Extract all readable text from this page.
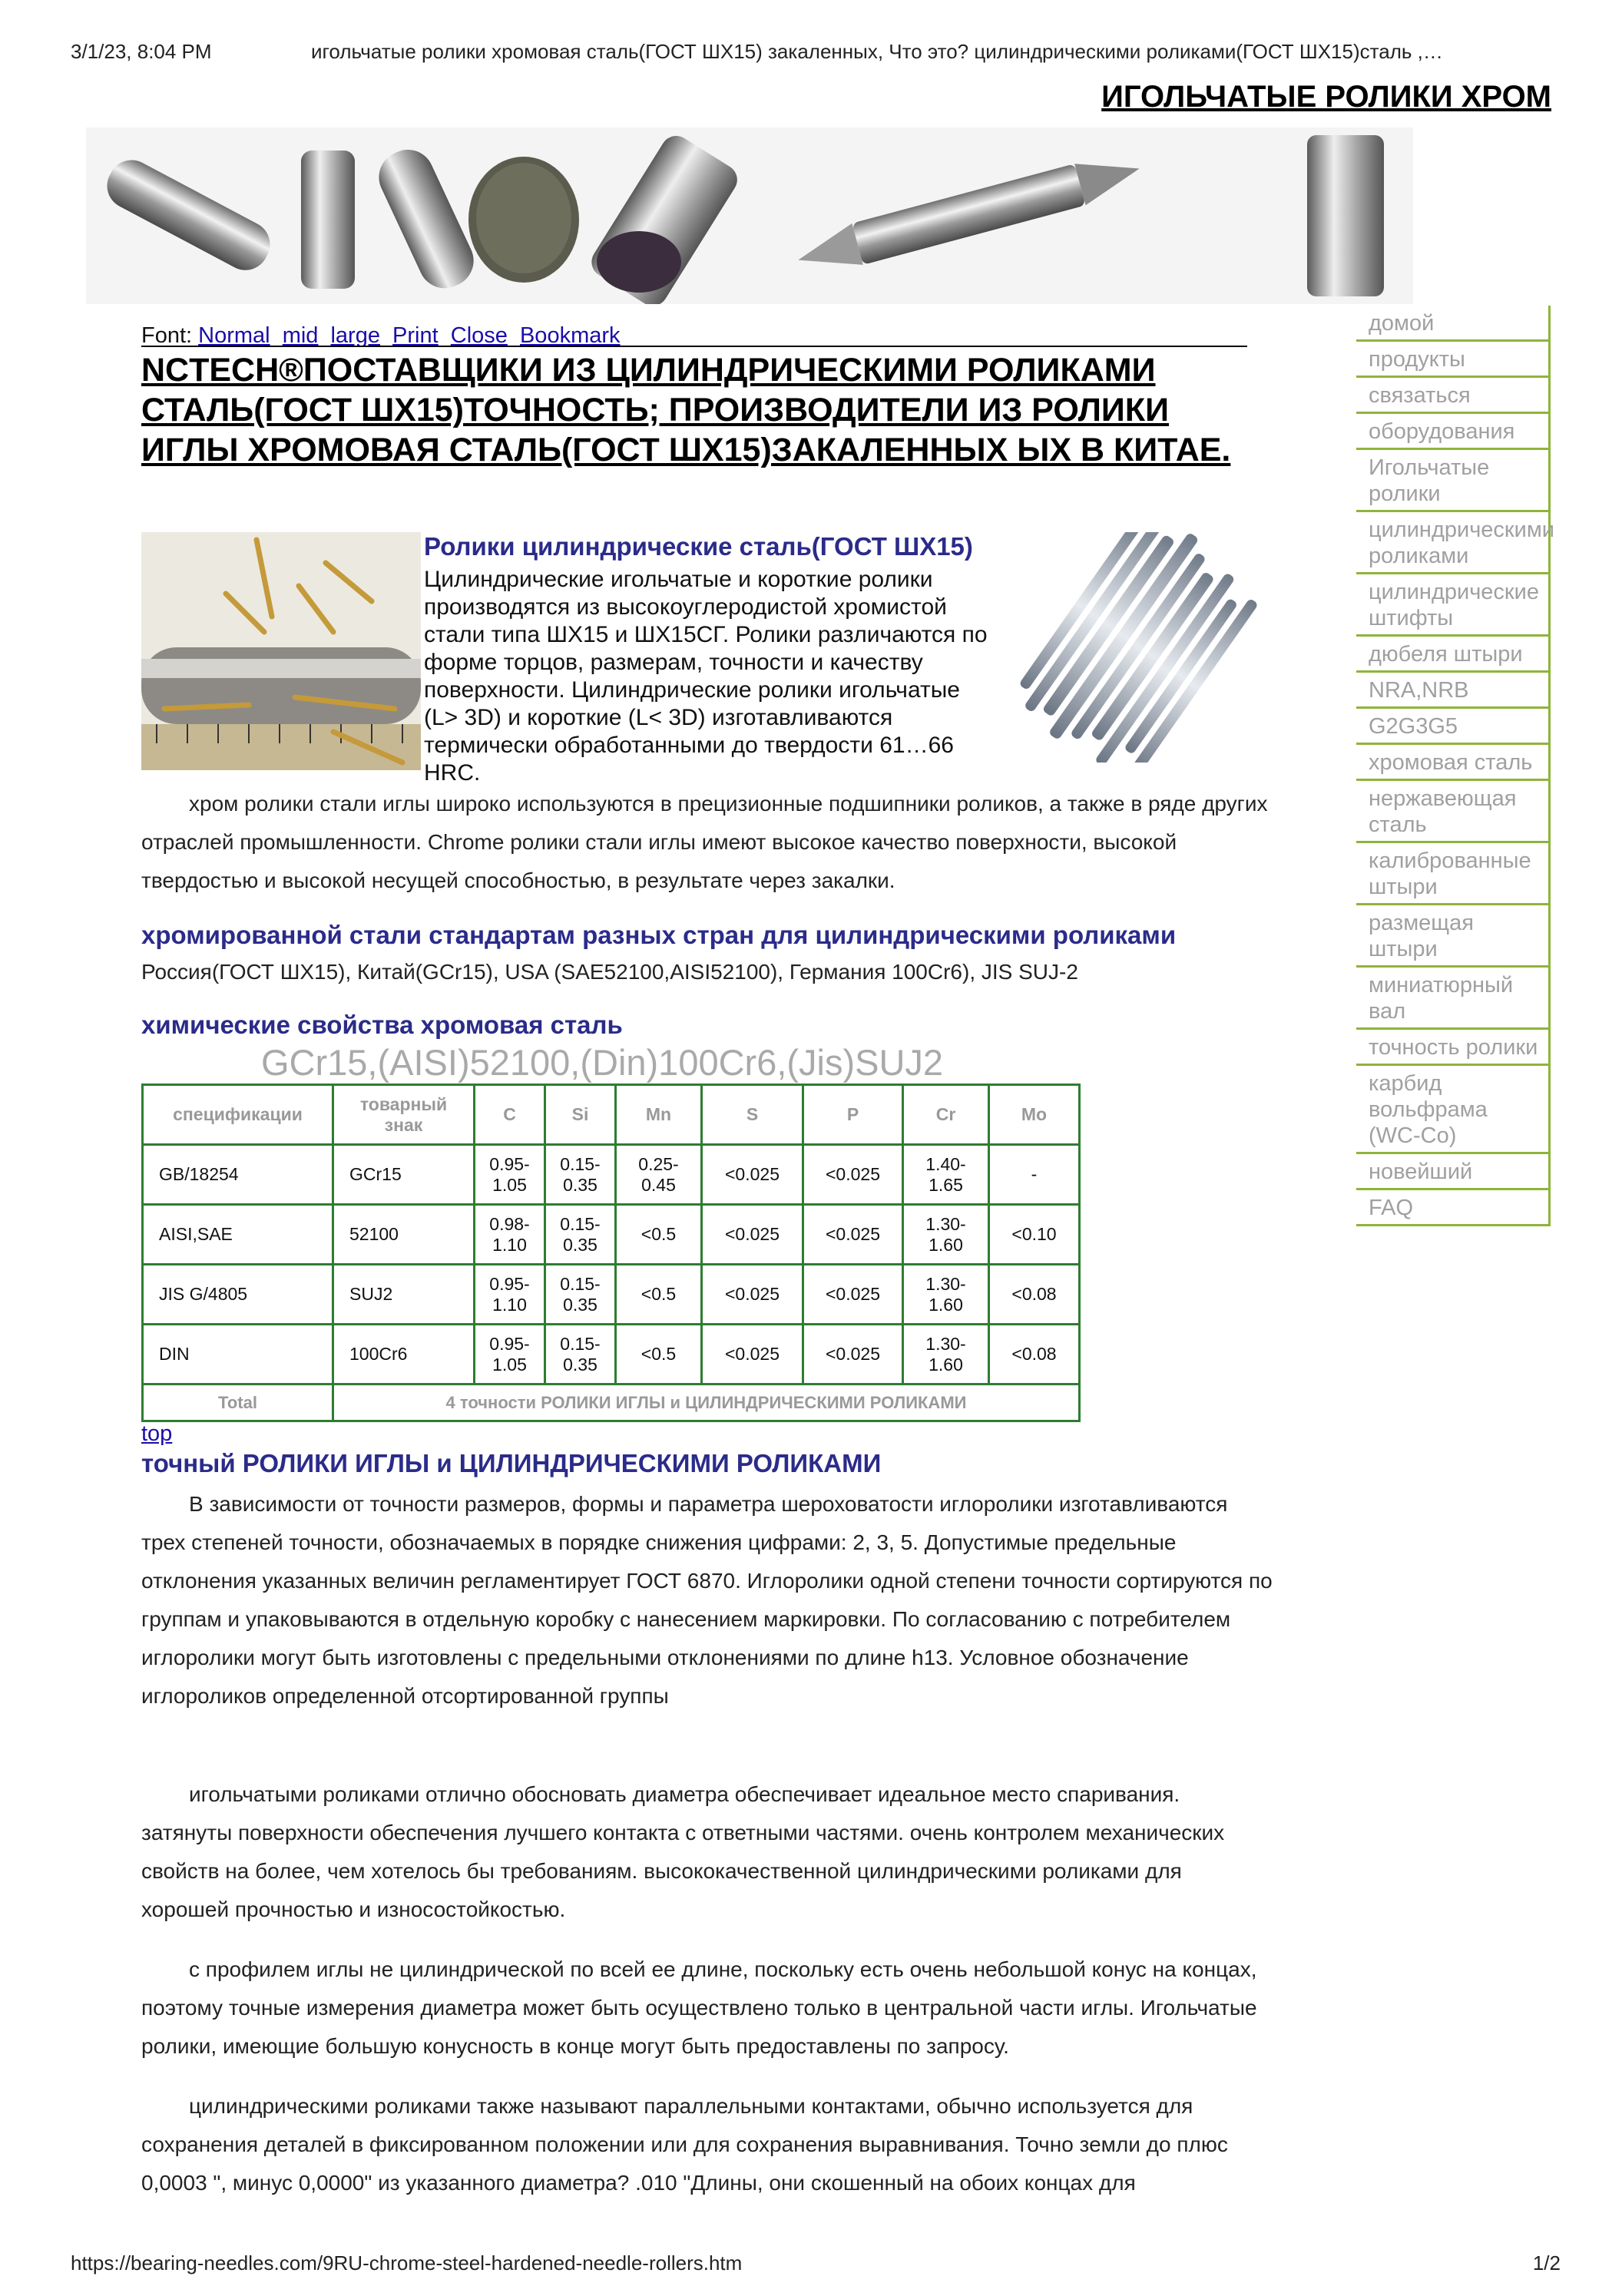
3/1/23, 8:04 PM	игольчатые ролики хромовая сталь(ГОСТ ШХ15) закаленных, Что это? цилиндрическими роликами(ГОСТ ШХ15)сталь ,…
ИГОЛЬЧАТЫЕ РОЛИКИ ХРОМ
Font: Normal mid large Print Close Bookmark
NCTECH®ПОСТАВЩИКИ ИЗ ЦИЛИНДРИЧЕСКИМИ РОЛИКАМИ СТАЛЬ(ГОСТ ШХ15)ТОЧНОСТЬ; ПРОИЗВОДИТЕЛИ ИЗ РОЛИКИ ИГЛЫ ХРОМОВАЯ СТАЛЬ(ГОСТ ШХ15)ЗАКАЛЕННЫХ ЫХ В КИТАЕ.
Ролики цилиндрические сталь(ГОСТ ШХ15)
Цилиндрические игольчатые и короткие ролики производятся из высокоуглеродистой хромистой стали типа ШХ15 и ШХ15СГ. Ролики различаются по форме торцов, размерам, точности и качеству поверхности. Цилиндрические ролики игольчатые (L> 3D) и короткие (L< 3D) изготавливаются термически обработанными до твердости 61…66 HRC.
хром ролики стали иглы широко используются в прецизионные подшипники роликов, а также в ряде других отраслей промышленности. Chrome ролики стали иглы имеют высокое качество поверхности, высокой твердостью и высокой несущей способностью, в результате через закалки.
хромированной стали стандартам разных стран для цилиндрическими роликами
Россия(ГОСТ ШХ15), Китай(GCr15), USA (SAE52100,AISI52100), Германия 100Cr6), JIS SUJ-2
химические свойства хромовая сталь
GCr15,(AISI)52100,(Din)100Cr6,(Jis)SUJ2
спецификации	товарный знак	C	Si	Mn	S	P	Cr	Mo
GB/18254	GCr15	0.95-1.05	0.15-0.35	0.25-0.45	<0.025	<0.025	1.40-1.65	-
AISI,SAE	52100	0.98-1.10	0.15-0.35	<0.5	<0.025	<0.025	1.30-1.60	<0.10
JIS G/4805	SUJ2	0.95-1.10	0.15-0.35	<0.5	<0.025	<0.025	1.30-1.60	<0.08
DIN	100Cr6	0.95-1.05	0.15-0.35	<0.5	<0.025	<0.025	1.30-1.60	<0.08
Total	4 точности РОЛИКИ ИГЛЫ и ЦИЛИНДРИЧЕСКИМИ РОЛИКАМИ							
top
точный РОЛИКИ ИГЛЫ и ЦИЛИНДРИЧЕСКИМИ РОЛИКАМИ
В зависимости от точности размеров, формы и параметра шероховатости иглоролики изготавливаются трех степеней точности, обозначаемых в порядке снижения цифрами: 2, 3, 5. Допустимые предельные отклонения указанных величин регламентирует ГОСТ 6870. Иглоролики одной степени точности сортируются по группам и упаковываются в отдельную коробку с нанесением маркировки. По согласованию с потребителем иглоролики могут быть изготовлены с предельными отклонениями по длине h13. Условное обозначение иглороликов определенной отсортированной группы
игольчатыми роликами отлично обосновать диаметра обеспечивает идеальное место спаривания. затянуты поверхности обеспечения лучшего контакта с ответными частями. очень контролем механических свойств на более, чем хотелось бы требованиям. высококачественной цилиндрическими роликами для хорошей прочностью и износостойкостью.
с профилем иглы не цилиндрической по всей ее длине, поскольку есть очень небольшой конус на концах, поэтому точные измерения диаметра может быть осуществлено только в центральной части иглы. Игольчатые ролики, имеющие большую конусность в конце могут быть предоставлены по запросу.
цилиндрическими роликами также называют параллельными контактами, обычно используется для сохранения деталей в фиксированном положении или для сохранения выравнивания. Точно земли до плюс 0,0003 ", минус 0,0000" из указанного диаметра? .010 "Длины, они скошенный на обоих концах для
домой
продукты
связаться
оборудования
Игольчатые ролики
цилиндрическими роликами
цилиндрические штифты
дюбеля штыри
NRA,NRB
G2G3G5
хромовая сталь
нержавеющая сталь
калиброванные штыри
размещая штыри
миниатюрный вал
точность ролики
карбид вольфрама (WC-Co)
новейший
FAQ
https://bearing-needles.com/9RU-chrome-steel-hardened-needle-rollers.htm	1/2
